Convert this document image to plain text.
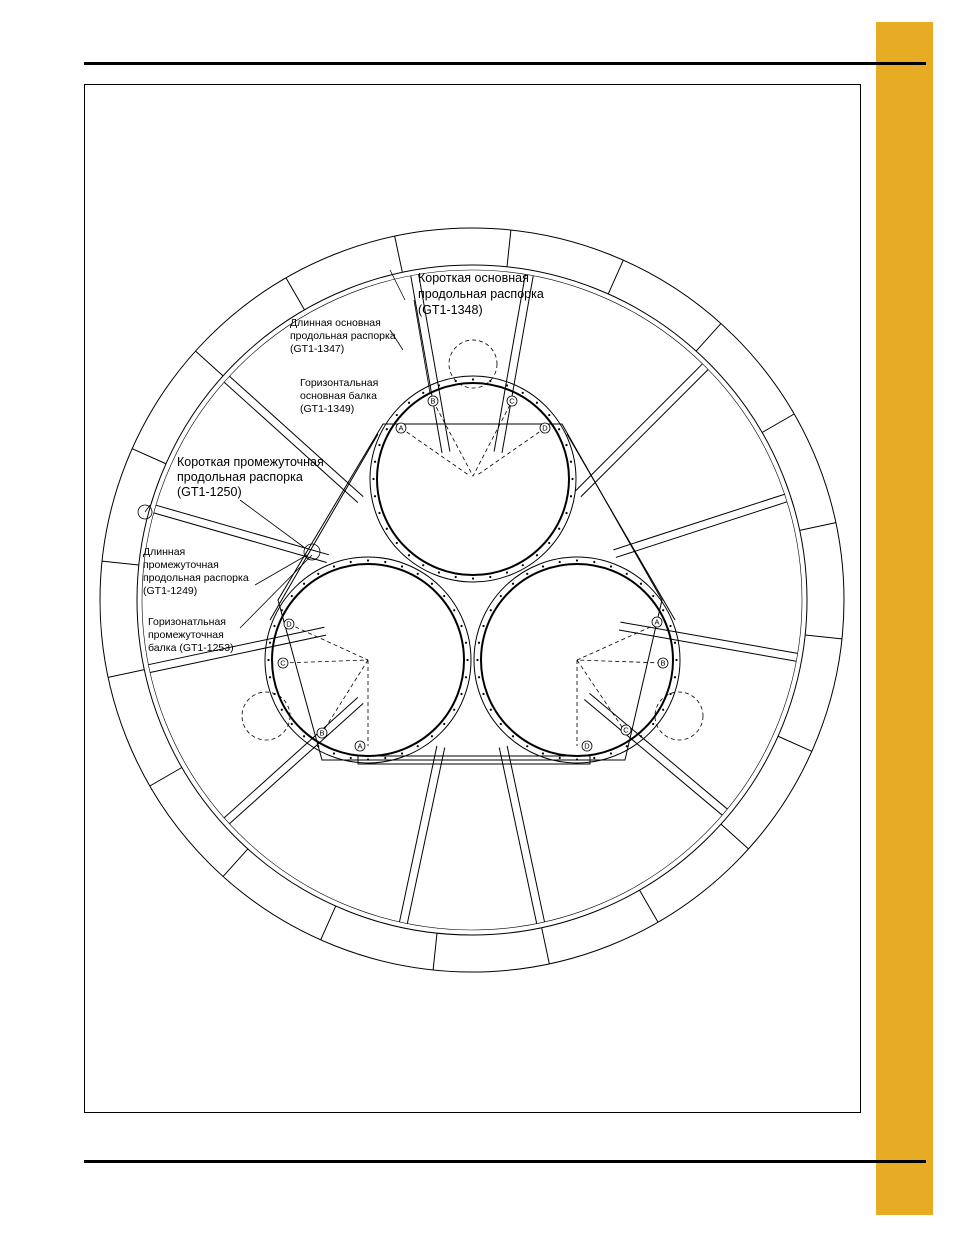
B	C
A	D
D
C
B
A
A
B
C
D
Короткая основная
продольная распорка
(GT1-1348)
Длинная основная
продольная распорка
(GT1-1347)
Горизонтальная
основная балка
(GT1-1349)
Короткая промежуточная
продольная распорка
(GT1-1250)
Длинная
промежуточная
продольная распорка
(GT1-1249)
Горизонатльная
промежуточная
балка (GT1-1253)
